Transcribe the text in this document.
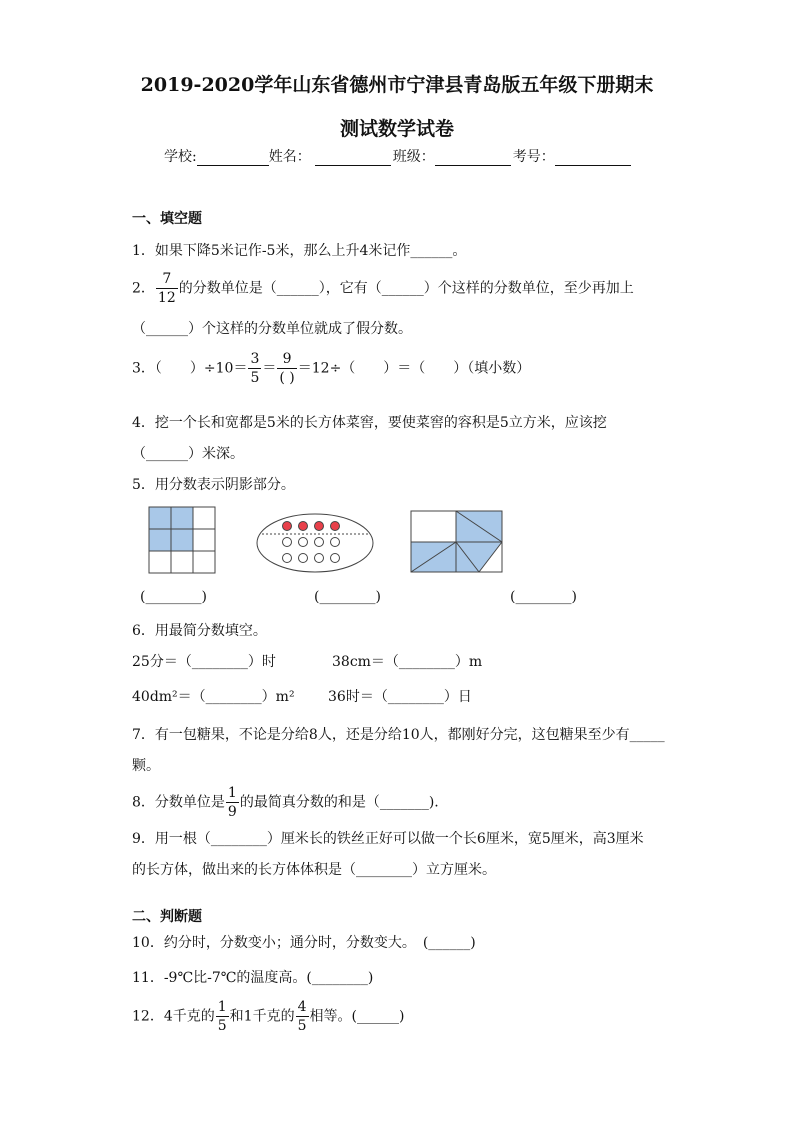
2019-2020学年山东省德州市宁津县青岛版五年级下册期末
测试数学试卷
学校:	姓名：	班级：	考号：
一、填空题
1．如果下降5米记作-5米，那么上升4米记作______。
2． $\frac{7}{12}$ 的分数单位是（______），它有（______）个这样的分数单位，至少再加上
（______）个这样的分数单位就成了假分数。
3．（　　）$\div 10= \frac{3}{5} = \frac{9}{( )} =12\div$（　　）＝（　　）（填小数）
4．挖一个长和宽都是5米的长方体菜窖，要使菜窖的容积是5立方米，应该挖
（______）米深。
5．用分数表示阴影部分。
(________)	(________)	(________)
6．用最简分数填空。
25分＝（________）时	38cm＝（________）m
40dm²＝（________）m² 36时＝（________）日
7．有一包糖果，不论是分给8人，还是分给10人，都刚好分完，这包糖果至少有_____
颗。
8．分数单位是 $\frac{1}{9}$ 的最简真分数的和是（_______).
9．用一根（________）厘米长的铁丝正好可以做一个长6厘米，宽5厘米，高3厘米
的长方体，做出来的长方体体积是（________）立方厘米。
二、判断题
10．约分时，分数变小；通分时，分数变大。　(______)
11．-9℃比-7℃的温度高。(________)
12．4千克的 $\frac{1}{5}$ 和1千克的 $\frac{4}{5}$ 相等。(______)
